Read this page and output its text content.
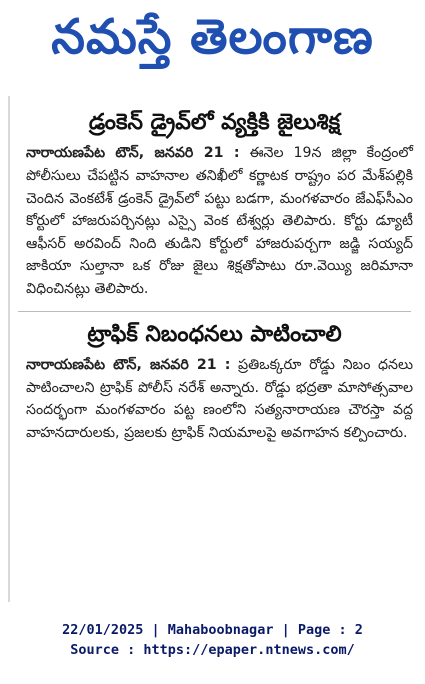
నమస్తే తెలంగాణ
డ్రంకెన్ డ్రైవ్‌లో వ్యక్తికి జైలుశిక్ష

నారాయణపేట టౌన్, జనవరి 21 : ఈనెల 19న జిల్లా కేంద్రంలో పోలీసులు చేపట్టిన వాహనాల తనిఖీలో కర్ణాటక రాష్ట్రం పర మేశ్‌పల్లికి చెందిన వెంకటేశ్ డ్రంకెన్ డ్రైవ్‌లో పట్టు బడగా, మంగళవారం జేఎఫ్‌సీఎం కోర్టులో హాజరుపర్చినట్లు ఎస్సై వెంక టేశ్వర్లు తెలిపారు. కోర్టు డ్యూటీ ఆఫీసర్ అరవింద్ నింది తుడిని కోర్టులో హాజరుపర్చగా జడ్జి సయ్యద్ జాకియా సుల్తానా ఒక రోజు జైలు శిక్షతోపాటు రూ.వెయ్యి జరిమానా విధించినట్లు తెలిపారు.

ట్రాఫిక్ నిబంధనలు పాటించాలి

నారాయణపేట టౌన్, జనవరి 21 : ప్రతిఒక్కరూ రోడ్డు నిబం ధనలు పాటించాలని ట్రాఫిక్ పోలీస్ నరేశ్ అన్నారు. రోడ్డు భద్రతా మాసోత్సవాల సందర్భంగా మంగళవారం పట్ట ణంలోని సత్యనారాయణ చౌరస్తా వద్ద వాహనదారులకు, ప్రజలకు ట్రాఫిక్ నియమాలపై అవగాహన కల్పించారు.

22/01/2025 | Mahaboobnagar | Page : 2
Source : https://epaper.ntnews.com/
